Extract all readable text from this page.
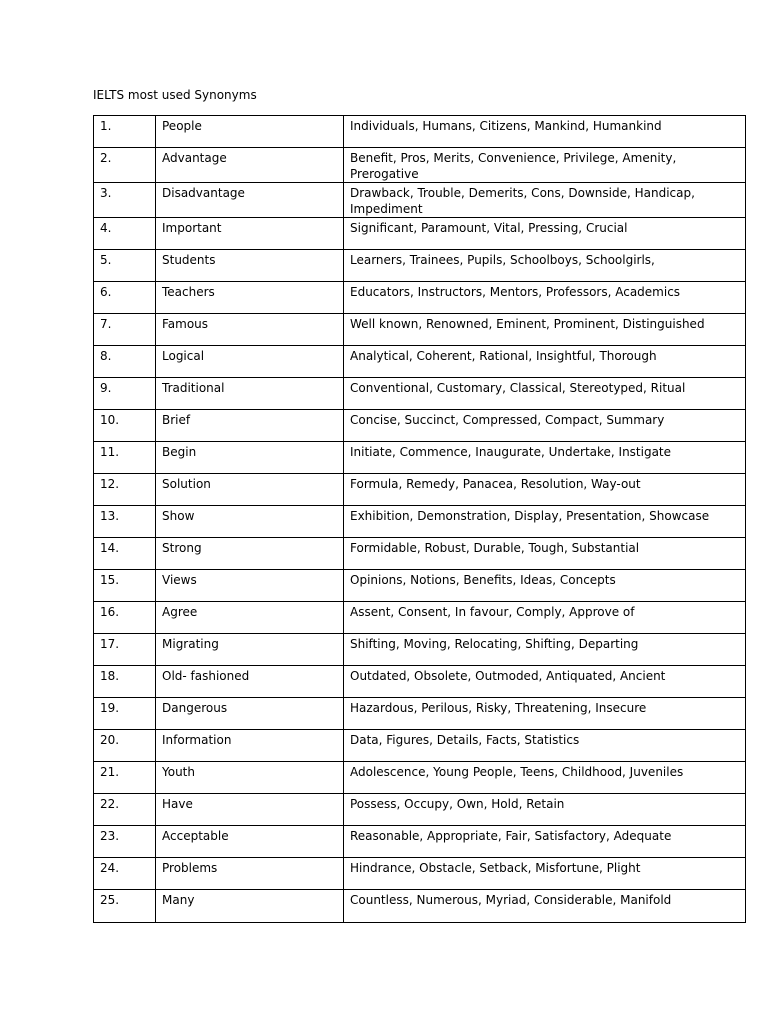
IELTS most used Synonyms
1.	People	Individuals, Humans, Citizens, Mankind, Humankind
2.	Advantage	Benefit, Pros, Merits, Convenience, Privilege, Amenity, Prerogative
3.	Disadvantage	Drawback, Trouble, Demerits, Cons, Downside, Handicap, Impediment
4.	Important	Significant, Paramount, Vital, Pressing, Crucial
5.	Students	Learners, Trainees, Pupils, Schoolboys, Schoolgirls,
6.	Teachers	Educators, Instructors, Mentors, Professors, Academics
7.	Famous	Well known, Renowned, Eminent, Prominent, Distinguished
8.	Logical	Analytical, Coherent, Rational, Insightful, Thorough
9.	Traditional	Conventional, Customary, Classical, Stereotyped, Ritual
10.	Brief	Concise, Succinct, Compressed, Compact, Summary
11.	Begin	Initiate, Commence, Inaugurate, Undertake, Instigate
12.	Solution	Formula, Remedy, Panacea, Resolution, Way-out
13.	Show	Exhibition, Demonstration, Display, Presentation, Showcase
14.	Strong	Formidable, Robust, Durable, Tough, Substantial
15.	Views	Opinions, Notions, Benefits, Ideas, Concepts
16.	Agree	Assent, Consent, In favour, Comply, Approve of
17.	Migrating	Shifting, Moving, Relocating, Shifting, Departing
18.	Old- fashioned	Outdated, Obsolete, Outmoded, Antiquated, Ancient
19.	Dangerous	Hazardous, Perilous, Risky, Threatening, Insecure
20.	Information	Data, Figures, Details, Facts, Statistics
21.	Youth	Adolescence, Young People, Teens, Childhood, Juveniles
22.	Have	Possess, Occupy, Own, Hold, Retain
23.	Acceptable	Reasonable, Appropriate, Fair, Satisfactory, Adequate
24.	Problems	Hindrance, Obstacle, Setback, Misfortune, Plight
25.	Many	Countless, Numerous, Myriad, Considerable, Manifold
